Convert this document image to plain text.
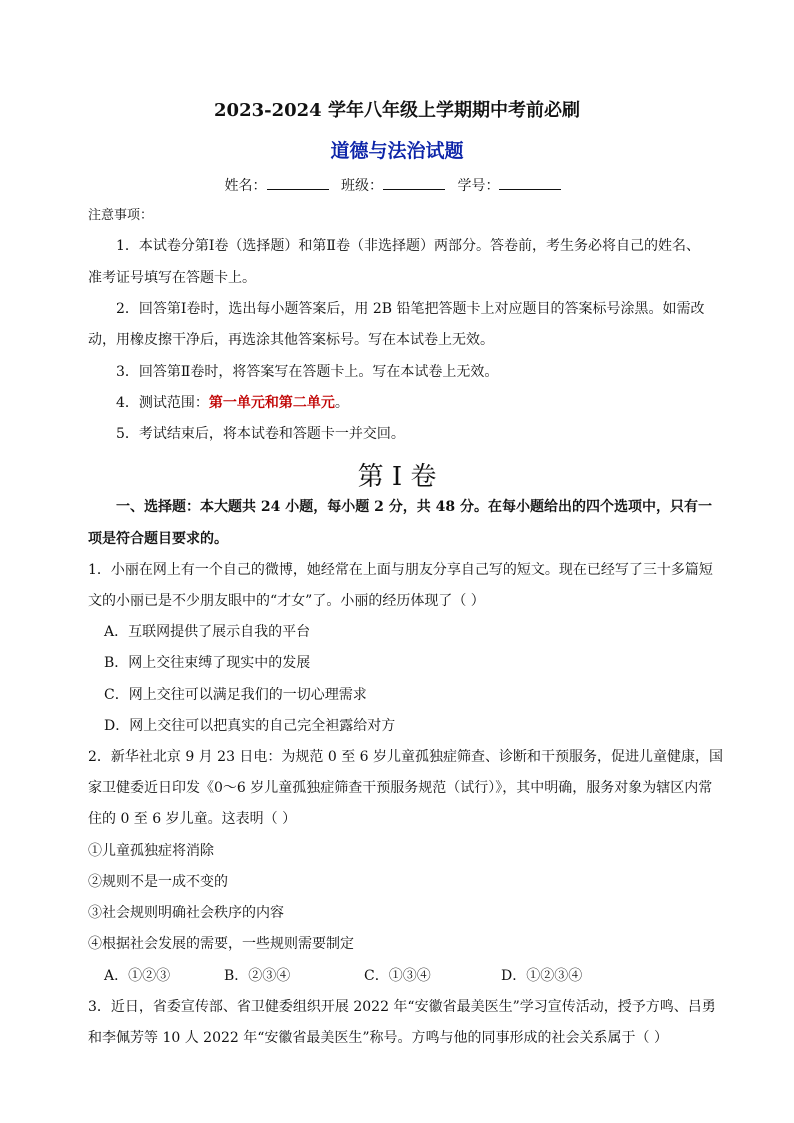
2023-2024 学年八年级上学期期中考前必刷
道德与法治试题
姓名：	班级：	学号：
注意事项：
1．本试卷分第Ⅰ卷（选择题）和第Ⅱ卷（非选择题）两部分。答卷前，考生务必将自己的姓名、
准考证号填写在答题卡上。
2．回答第Ⅰ卷时，选出每小题答案后，用 2B 铅笔把答题卡上对应题目的答案标号涂黑。如需改
动，用橡皮擦干净后，再选涂其他答案标号。写在本试卷上无效。
3．回答第Ⅱ卷时，将答案写在答题卡上。写在本试卷上无效。
4．测试范围：第一单元和第二单元。
5．考试结束后，将本试卷和答题卡一并交回。
第 I 卷
一、选择题：本大题共 24 小题，每小题 2 分，共 48 分。在每小题给出的四个选项中，只有一
项是符合题目要求的。
1．小丽在网上有一个自己的微博，她经常在上面与朋友分享自己写的短文。现在已经写了三十多篇短
文的小丽已是不少朋友眼中的“才女”了。小丽的经历体现了（ ）
A．互联网提供了展示自我的平台
B．网上交往束缚了现实中的发展
C．网上交往可以满足我们的一切心理需求
D．网上交往可以把真实的自己完全袒露给对方
2．新华社北京 9 月 23 日电：为规范 0 至 6 岁儿童孤独症筛查、诊断和干预服务，促进儿童健康，国
家卫健委近日印发《0～6 岁儿童孤独症筛查干预服务规范（试行）》，其中明确，服务对象为辖区内常
住的 0 至 6 岁儿童。这表明（ ）
①儿童孤独症将消除
②规则不是一成不变的
③社会规则明确社会秩序的内容
④根据社会发展的需要，一些规则需要制定
A．①②③	B．②③④	C．①③④	D．①②③④
3．近日，省委宣传部、省卫健委组织开展 2022 年“安徽省最美医生”学习宣传活动，授予方鸣、吕勇
和李佩芳等 10 人 2022 年“安徽省最美医生”称号。方鸣与他的同事形成的社会关系属于（ ）
